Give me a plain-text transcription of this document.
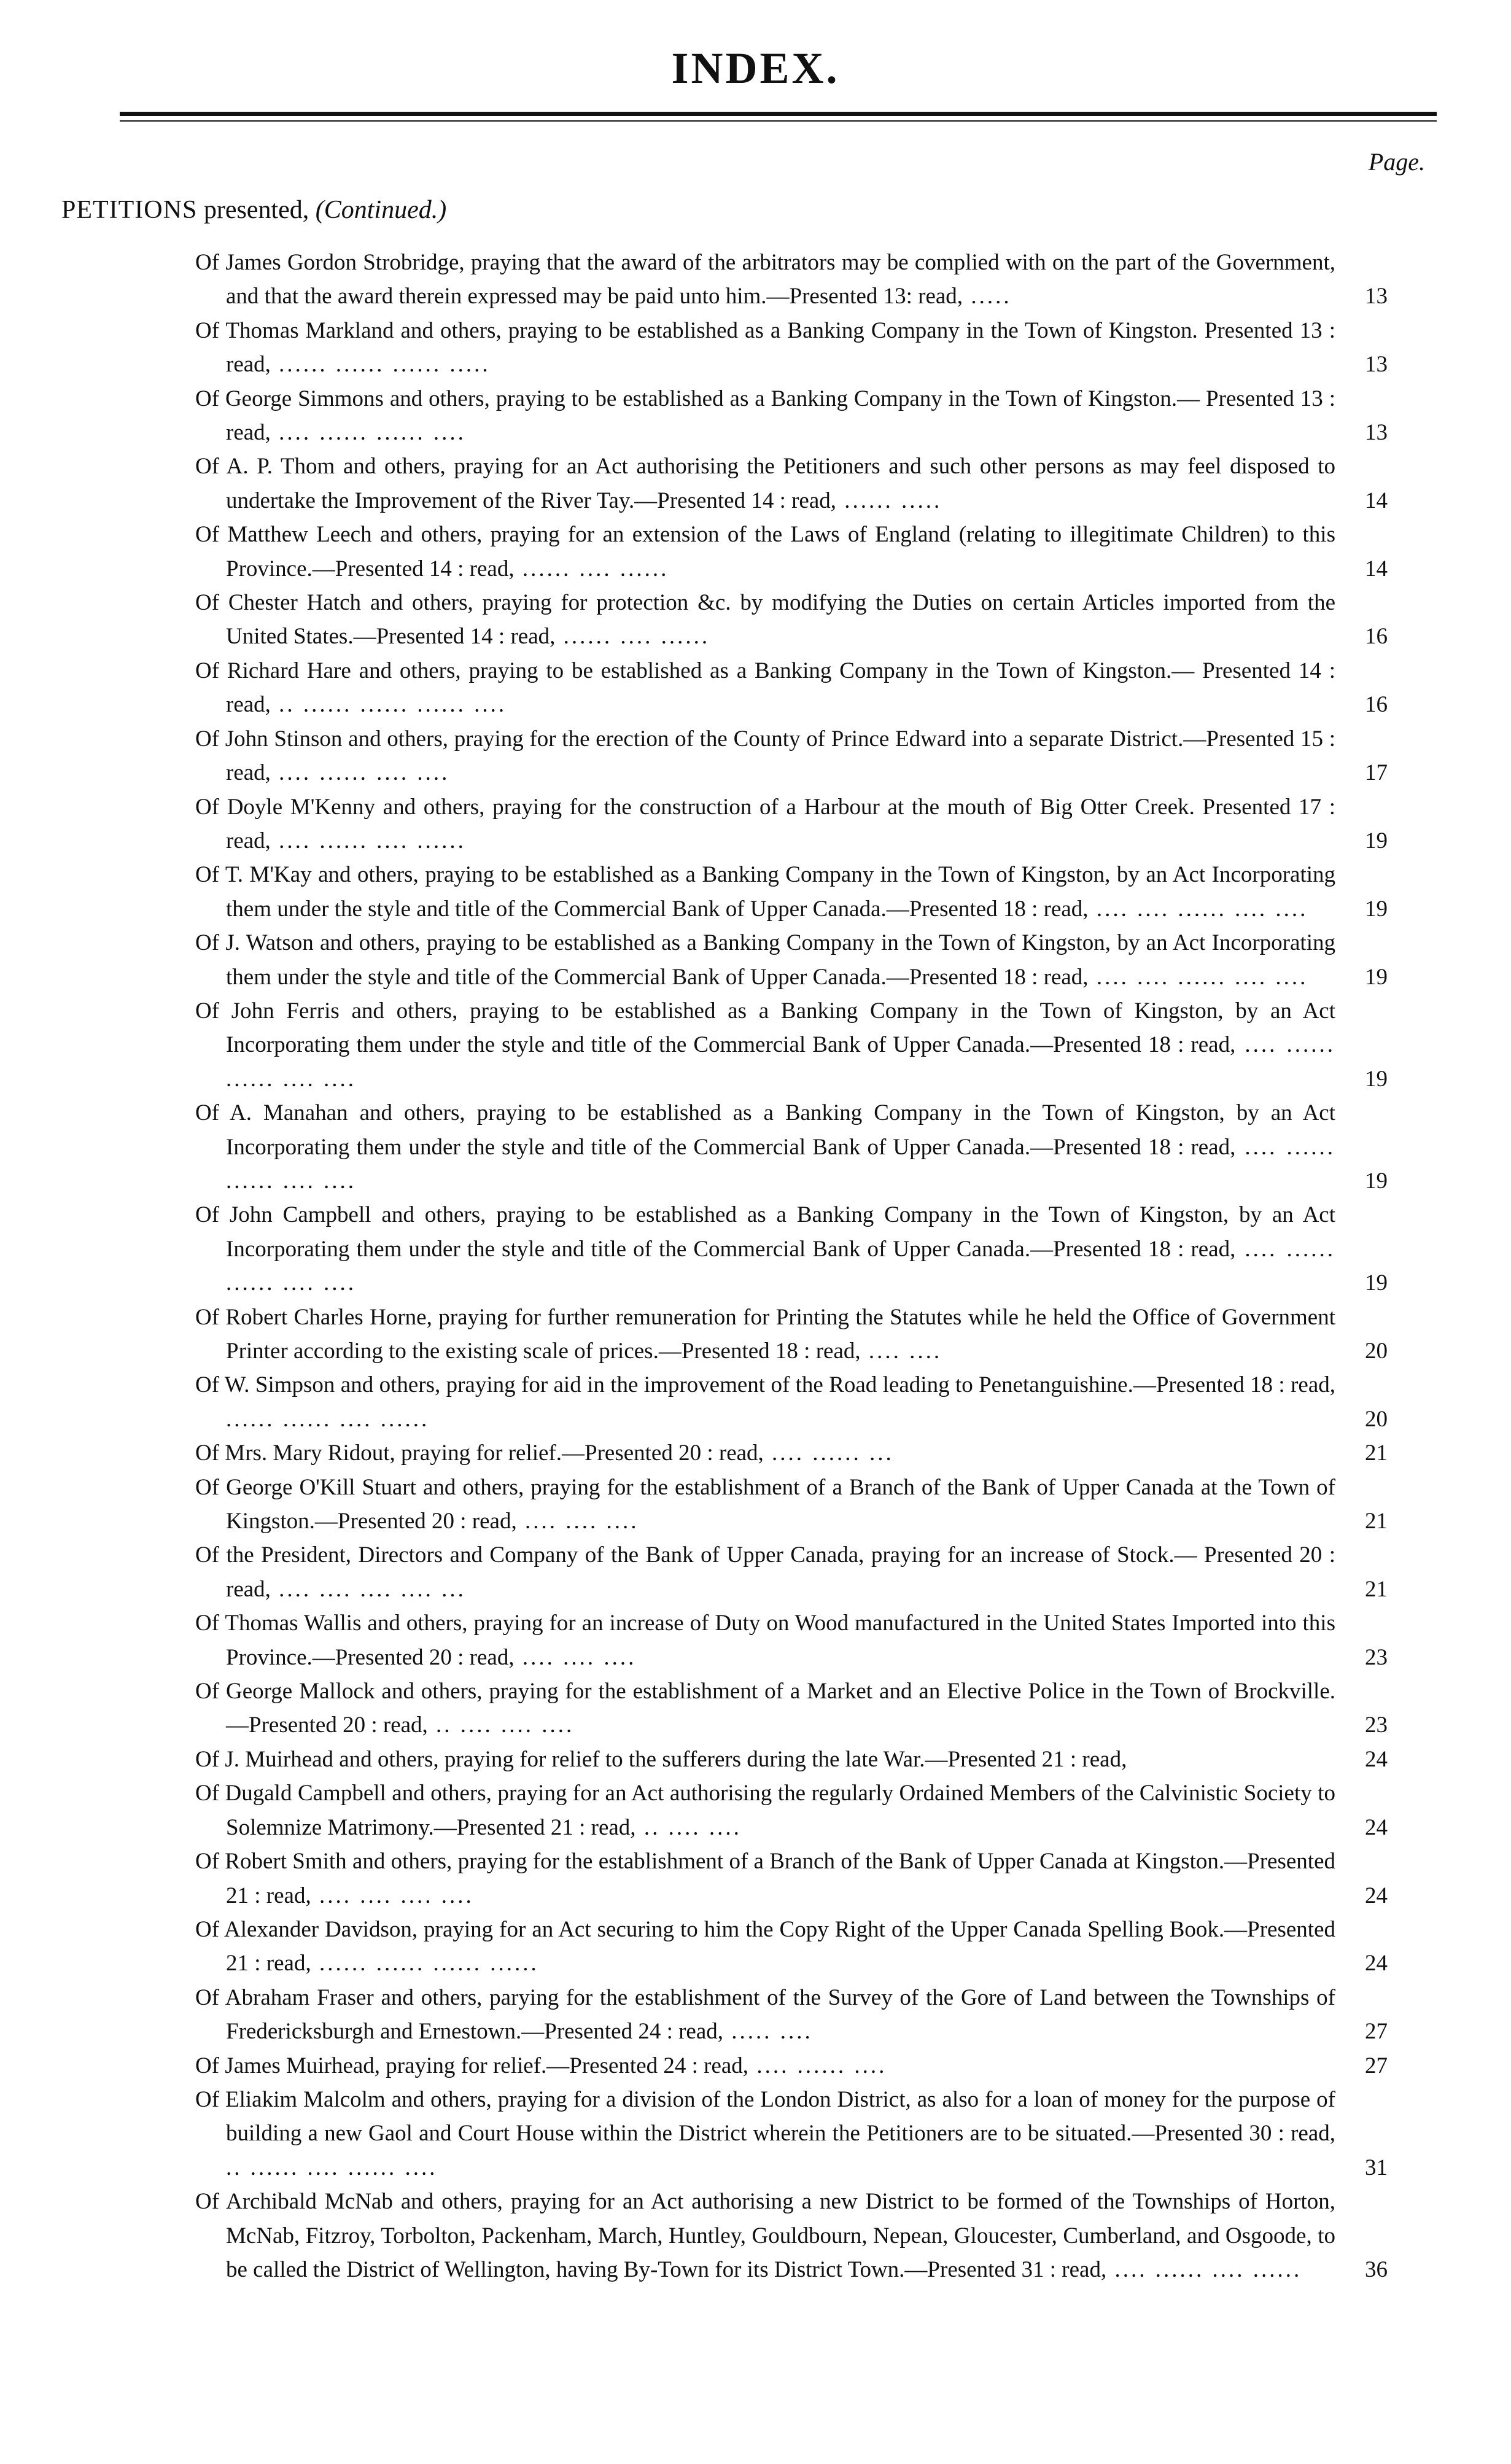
INDEX.
Page.
PETITIONS presented, (Continued.)
Of James Gordon Strobridge, praying that the award of the arbitrators may be complied with on the part of the Government, and that the award therein expressed may be paid unto him.—Presented 13: read, .....	13
Of Thomas Markland and others, praying to be established as a Banking Company in the Town of Kingston. Presented 13 : read, ...... ...... ...... .....	13
Of George Simmons and others, praying to be established as a Banking Company in the Town of Kingston.— Presented 13 : read, .... ...... ...... ....	13
Of A. P. Thom and others, praying for an Act authorising the Petitioners and such other persons as may feel disposed to undertake the Improvement of the River Tay.—Presented 14 : read, ...... .....	14
Of Matthew Leech and others, praying for an extension of the Laws of England (relating to illegitimate Children) to this Province.—Presented 14 : read, ...... .... ......	14
Of Chester Hatch and others, praying for protection &c. by modifying the Duties on certain Articles imported from the United States.—Presented 14 : read, ...... .... ......	16
Of Richard Hare and others, praying to be established as a Banking Company in the Town of Kingston.— Presented 14 : read, .. ...... ...... ...... ....	16
Of John Stinson and others, praying for the erection of the County of Prince Edward into a separate District.—Presented 15 : read, .... ...... .... ....	17
Of Doyle M'Kenny and others, praying for the construction of a Harbour at the mouth of Big Otter Creek. Presented 17 : read, .... ...... .... ......	19
Of T. M'Kay and others, praying to be established as a Banking Company in the Town of Kingston, by an Act Incorporating them under the style and title of the Commercial Bank of Upper Canada.—Presented 18 : read, .... .... ...... .... ....	19
Of J. Watson and others, praying to be established as a Banking Company in the Town of Kingston, by an Act Incorporating them under the style and title of the Commercial Bank of Upper Canada.—Presented 18 : read, .... .... ...... .... ....	19
Of John Ferris and others, praying to be established as a Banking Company in the Town of Kingston, by an Act Incorporating them under the style and title of the Commercial Bank of Upper Canada.—Presented 18 : read, .... ...... ...... .... ....	19
Of A. Manahan and others, praying to be established as a Banking Company in the Town of Kingston, by an Act Incorporating them under the style and title of the Commercial Bank of Upper Canada.—Presented 18 : read, .... ...... ...... .... ....	19
Of John Campbell and others, praying to be established as a Banking Company in the Town of Kingston, by an Act Incorporating them under the style and title of the Commercial Bank of Upper Canada.—Presented 18 : read, .... ...... ...... .... ....	19
Of Robert Charles Horne, praying for further remuneration for Printing the Statutes while he held the Office of Government Printer according to the existing scale of prices.—Presented 18 : read, .... ....	20
Of W. Simpson and others, praying for aid in the improvement of the Road leading to Penetanguishine.—Presented 18 : read, ...... ...... .... ......	20
Of Mrs. Mary Ridout, praying for relief.—Presented 20 : read, .... ...... ...	21
Of George O'Kill Stuart and others, praying for the establishment of a Branch of the Bank of Upper Canada at the Town of Kingston.—Presented 20 : read, .... .... ....	21
Of the President, Directors and Company of the Bank of Upper Canada, praying for an increase of Stock.— Presented 20 : read, .... .... .... .... ...	21
Of Thomas Wallis and others, praying for an increase of Duty on Wood manufactured in the United States Imported into this Province.—Presented 20 : read, .... .... ....	23
Of George Mallock and others, praying for the establishment of a Market and an Elective Police in the Town of Brockville.—Presented 20 : read, .. .... .... ....	23
Of J. Muirhead and others, praying for relief to the sufferers during the late War.—Presented 21 : read,	24
Of Dugald Campbell and others, praying for an Act authorising the regularly Ordained Members of the Calvinistic Society to Solemnize Matrimony.—Presented 21 : read, .. .... ....	24
Of Robert Smith and others, praying for the establishment of a Branch of the Bank of Upper Canada at Kingston.—Presented 21 : read, .... .... .... ....	24
Of Alexander Davidson, praying for an Act securing to him the Copy Right of the Upper Canada Spelling Book.—Presented 21 : read, ...... ...... ...... ......	24
Of Abraham Fraser and others, parying for the establishment of the Survey of the Gore of Land between the Townships of Fredericksburgh and Ernestown.—Presented 24 : read, ..... ....	27
Of James Muirhead, praying for relief.—Presented 24 : read, .... ...... ....	27
Of Eliakim Malcolm and others, praying for a division of the London District, as also for a loan of money for the purpose of building a new Gaol and Court House within the District wherein the Petitioners are to be situated.—Presented 30 : read, .. ...... .... ...... ....	31
Of Archibald McNab and others, praying for an Act authorising a new District to be formed of the Townships of Horton, McNab, Fitzroy, Torbolton, Packenham, March, Huntley, Gouldbourn, Nepean, Gloucester, Cumberland, and Osgoode, to be called the District of Wellington, having By-Town for its District Town.—Presented 31 : read, .... ...... .... ......	36
